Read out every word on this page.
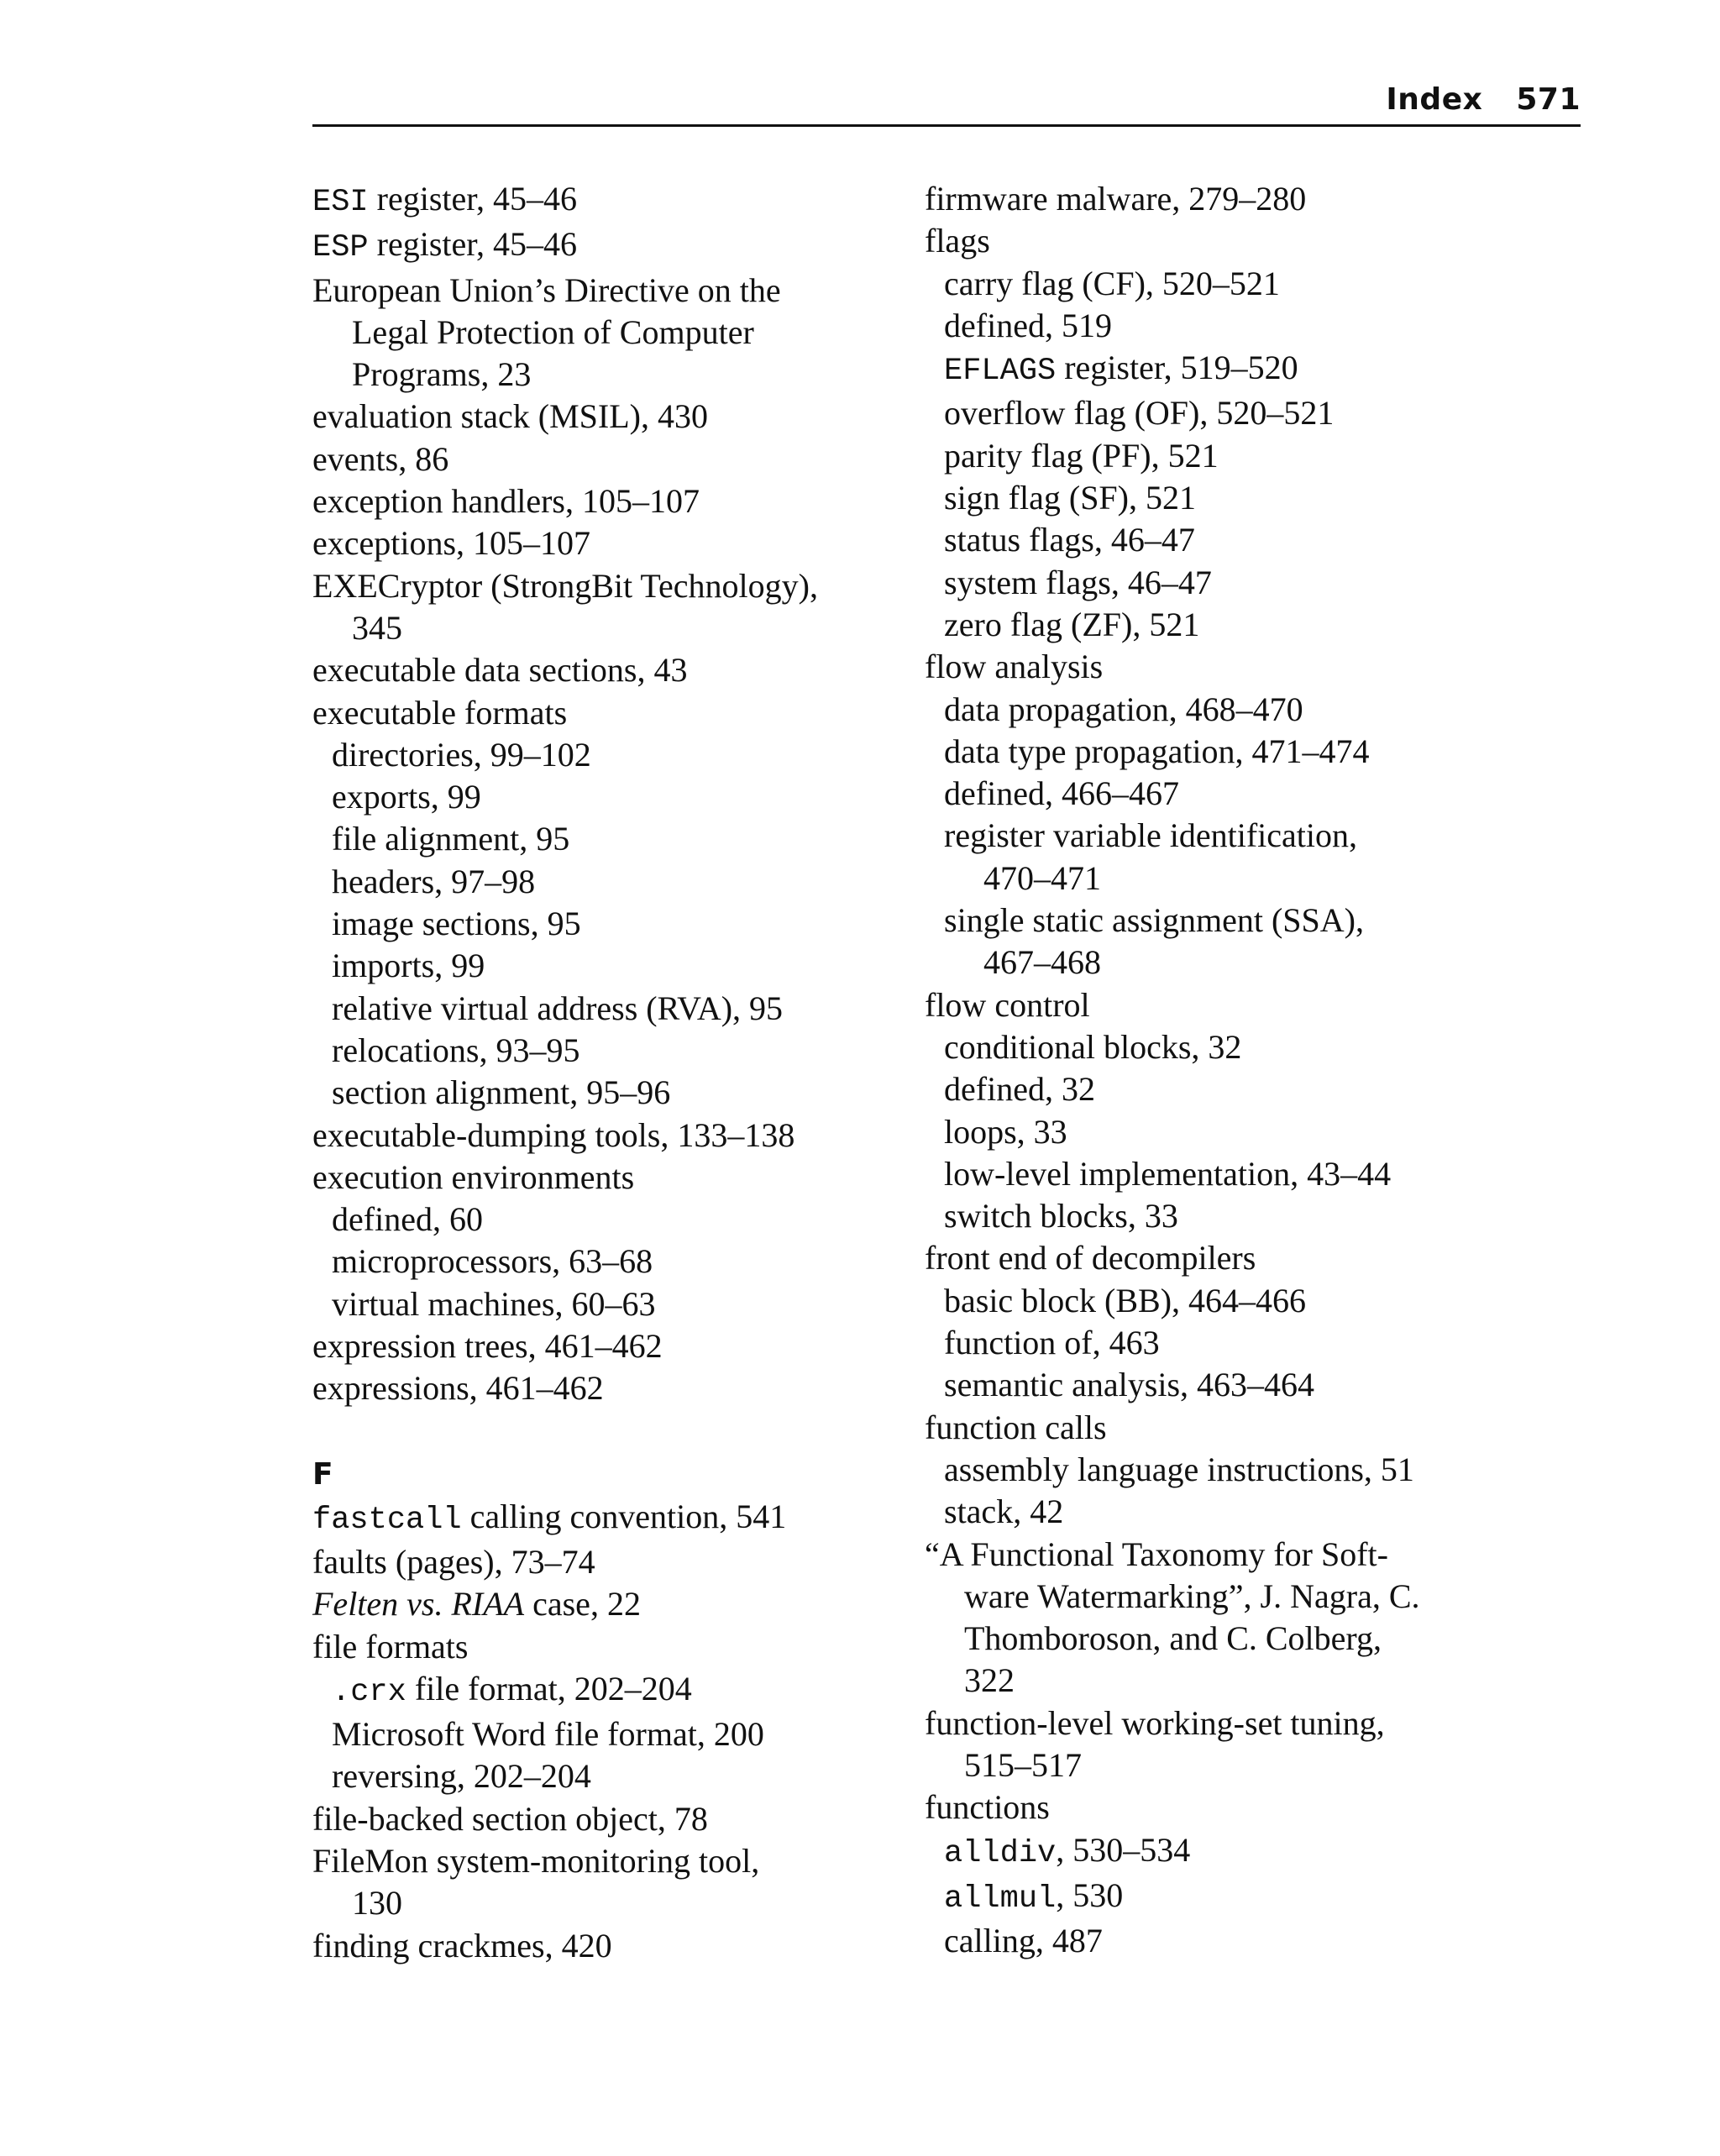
Index 571
ESI register, 45–46
ESP register, 45–46
European Union’s Directive on the
Legal Protection of Computer
Programs, 23
evaluation stack (MSIL), 430
events, 86
exception handlers, 105–107
exceptions, 105–107
EXECryptor (StrongBit Technology),
345
executable data sections, 43
executable formats
directories, 99–102
exports, 99
file alignment, 95
headers, 97–98
image sections, 95
imports, 99
relative virtual address (RVA), 95
relocations, 93–95
section alignment, 95–96
executable-dumping tools, 133–138
execution environments
defined, 60
microprocessors, 63–68
virtual machines, 60–63
expression trees, 461–462
expressions, 461–462
F
fastcall calling convention, 541
faults (pages), 73–74
Felten vs. RIAA case, 22
file formats
.crx file format, 202–204
Microsoft Word file format, 200
reversing, 202–204
file-backed section object, 78
FileMon system-monitoring tool,
130
finding crackmes, 420
firmware malware, 279–280
flags
carry flag (CF), 520–521
defined, 519
EFLAGS register, 519–520
overflow flag (OF), 520–521
parity flag (PF), 521
sign flag (SF), 521
status flags, 46–47
system flags, 46–47
zero flag (ZF), 521
flow analysis
data propagation, 468–470
data type propagation, 471–474
defined, 466–467
register variable identification,
470–471
single static assignment (SSA),
467–468
flow control
conditional blocks, 32
defined, 32
loops, 33
low-level implementation, 43–44
switch blocks, 33
front end of decompilers
basic block (BB), 464–466
function of, 463
semantic analysis, 463–464
function calls
assembly language instructions, 51
stack, 42
“A Functional Taxonomy for Soft-
ware Watermarking”, J. Nagra, C.
Thomboroson, and C. Colberg,
322
function-level working-set tuning,
515–517
functions
alldiv, 530–534
allmul, 530
calling, 487
